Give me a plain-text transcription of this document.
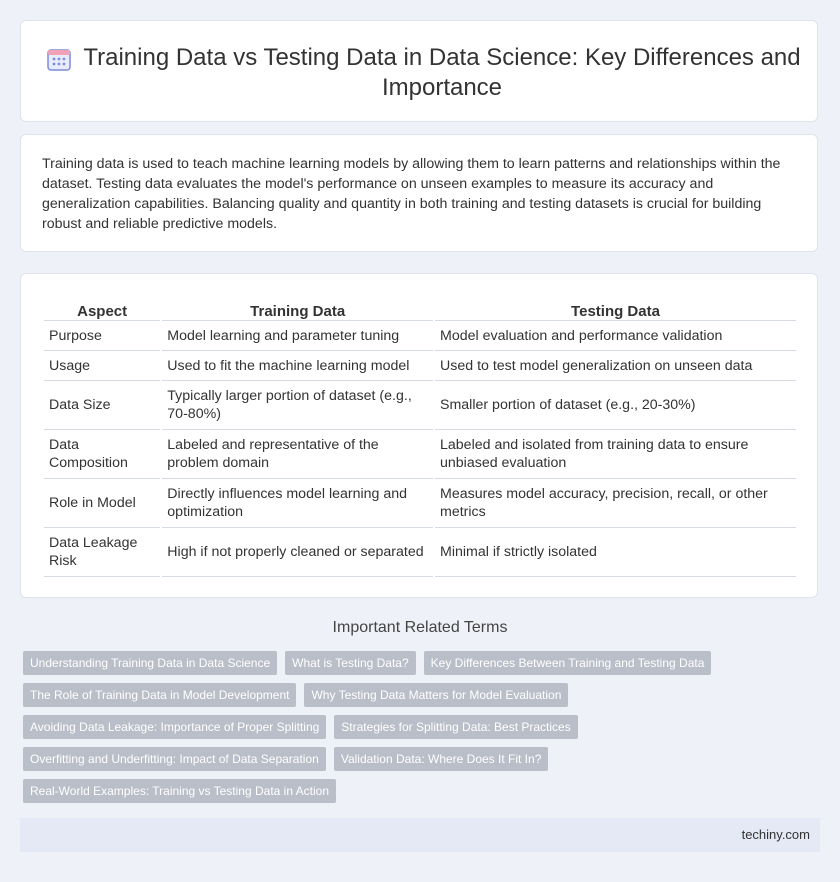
Training Data vs Testing Data in Data Science: Key Differences and Importance

Training data is used to teach machine learning models by allowing them to learn patterns and relationships within the dataset. Testing data evaluates the model's performance on unseen examples to measure its accuracy and generalization capabilities. Balancing quality and quantity in both training and testing datasets is crucial for building robust and reliable predictive models.

Aspect	Training Data	Testing Data
Purpose	Model learning and parameter tuning	Model evaluation and performance validation
Usage	Used to fit the machine learning model	Used to test model generalization on unseen data
Data Size	Typically larger portion of dataset (e.g., 70-80%)	Smaller portion of dataset (e.g., 20-30%)
Data Composition	Labeled and representative of the problem domain	Labeled and isolated from training data to ensure unbiased evaluation
Role in Model	Directly influences model learning and optimization	Measures model accuracy, precision, recall, or other metrics
Data Leakage Risk	High if not properly cleaned or separated	Minimal if strictly isolated
Important Related Terms
Understanding Training Data in Data Science	What is Testing Data?	Key Differences Between Training and Testing Data
The Role of Training Data in Model Development	Why Testing Data Matters for Model Evaluation
Avoiding Data Leakage: Importance of Proper Splitting	Strategies for Splitting Data: Best Practices
Overfitting and Underfitting: Impact of Data Separation	Validation Data: Where Does It Fit In?
Real-World Examples: Training vs Testing Data in Action
techiny.com
